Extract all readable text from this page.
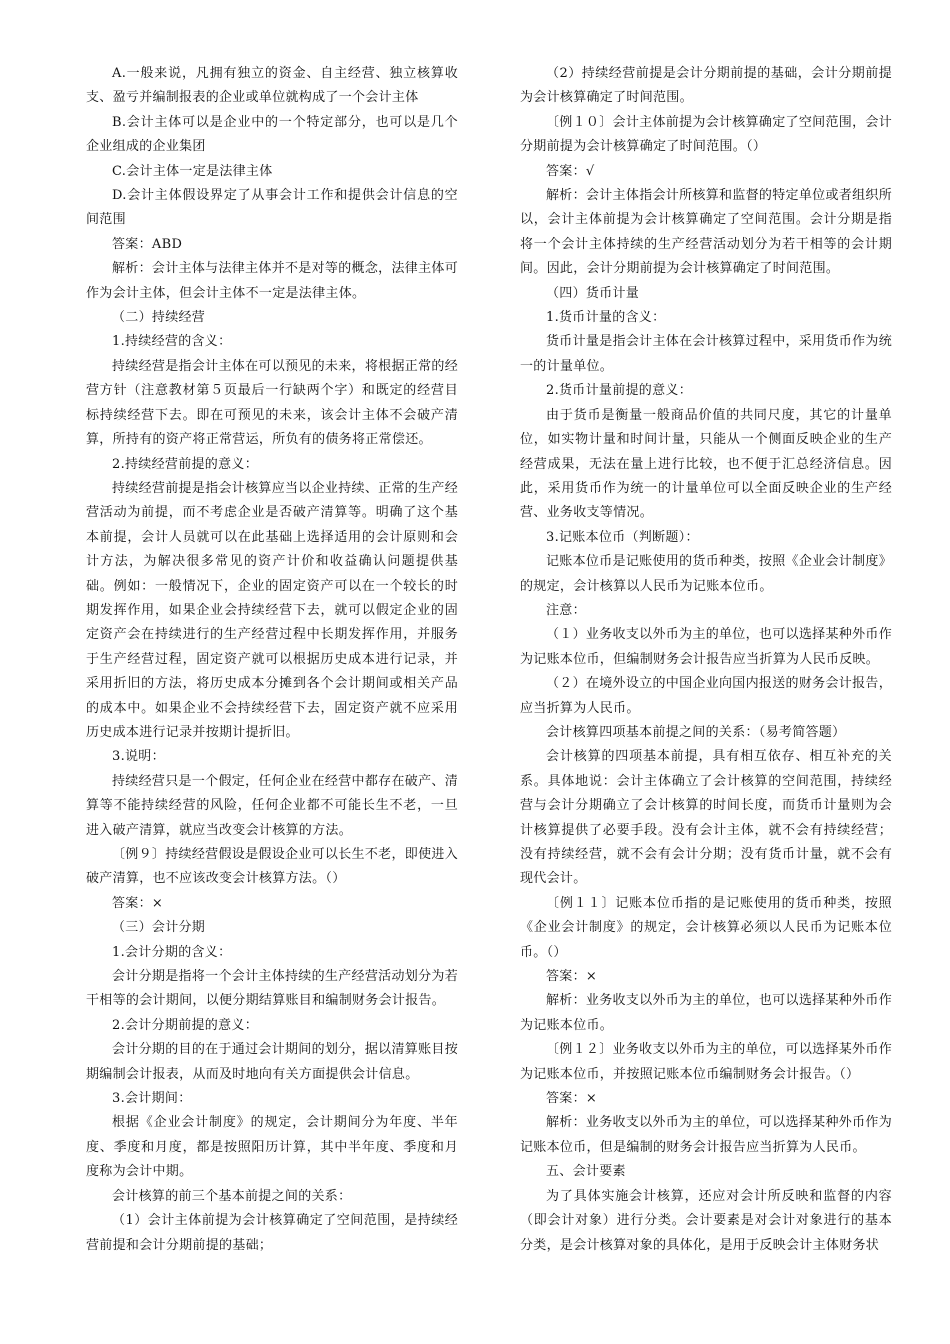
A.一般来说，凡拥有独立的资金、自主经营、独立核算收支、盈亏并编制报表的企业或单位就构成了一个会计主体

B.会计主体可以是企业中的一个特定部分，也可以是几个企业组成的企业集团

C.会计主体一定是法律主体

D.会计主体假设界定了从事会计工作和提供会计信息的空间范围

答案：ABD

解析：会计主体与法律主体并不是对等的概念，法律主体可作为会计主体，但会计主体不一定是法律主体。

（二）持续经营

1.持续经营的含义：

持续经营是指会计主体在可以预见的未来，将根据正常的经营方针（注意教材第５页最后一行缺两个字）和既定的经营目标持续经营下去。即在可预见的未来，该会计主体不会破产清算，所持有的资产将正常营运，所负有的债务将正常偿还。

2.持续经营前提的意义：

持续经营前提是指会计核算应当以企业持续、正常的生产经营活动为前提，而不考虑企业是否破产清算等。明确了这个基本前提，会计人员就可以在此基础上选择适用的会计原则和会计方法，为解决很多常见的资产计价和收益确认问题提供基础。例如：一般情况下，企业的固定资产可以在一个较长的时期发挥作用，如果企业会持续经营下去，就可以假定企业的固定资产会在持续进行的生产经营过程中长期发挥作用，并服务于生产经营过程，固定资产就可以根据历史成本进行记录，并采用折旧的方法，将历史成本分摊到各个会计期间或相关产品的成本中。如果企业不会持续经营下去，固定资产就不应采用历史成本进行记录并按期计提折旧。

3.说明：

持续经营只是一个假定，任何企业在经营中都存在破产、清算等不能持续经营的风险，任何企业都不可能长生不老，一旦进入破产清算，就应当改变会计核算的方法。

〔例９〕持续经营假设是假设企业可以长生不老，即使进入破产清算，也不应该改变会计核算方法。（）

答案：×

（三）会计分期

1.会计分期的含义：

会计分期是指将一个会计主体持续的生产经营活动划分为若干相等的会计期间，以便分期结算账目和编制财务会计报告。

2.会计分期前提的意义：

会计分期的目的在于通过会计期间的划分，据以清算账目按期编制会计报表，从而及时地向有关方面提供会计信息。

3.会计期间：

根据《企业会计制度》的规定，会计期间分为年度、半年度、季度和月度，都是按照阳历计算，其中半年度、季度和月度称为会计中期。

会计核算的前三个基本前提之间的关系：

（1）会计主体前提为会计核算确定了空间范围，是持续经营前提和会计分期前提的基础；

（2）持续经营前提是会计分期前提的基础，会计分期前提为会计核算确定了时间范围。

〔例１０〕会计主体前提为会计核算确定了空间范围，会计分期前提为会计核算确定了时间范围。（）

答案：√

解析：会计主体指会计所核算和监督的特定单位或者组织所以，会计主体前提为会计核算确定了空间范围。会计分期是指将一个会计主体持续的生产经营活动划分为若干相等的会计期间。因此，会计分期前提为会计核算确定了时间范围。

（四）货币计量

1.货币计量的含义：

货币计量是指会计主体在会计核算过程中，采用货币作为统一的计量单位。

2.货币计量前提的意义：

由于货币是衡量一般商品价值的共同尺度，其它的计量单位，如实物计量和时间计量，只能从一个侧面反映企业的生产经营成果，无法在量上进行比较，也不便于汇总经济信息。因此，采用货币作为统一的计量单位可以全面反映企业的生产经营、业务收支等情况。

3.记账本位币（判断题）：

记账本位币是记账使用的货币种类，按照《企业会计制度》的规定，会计核算以人民币为记账本位币。

注意：

（１）业务收支以外币为主的单位，也可以选择某种外币作为记账本位币，但编制财务会计报告应当折算为人民币反映。

（２）在境外设立的中国企业向国内报送的财务会计报告，应当折算为人民币。

会计核算四项基本前提之间的关系：（易考简答题）

会计核算的四项基本前提，具有相互依存、相互补充的关系。具体地说：会计主体确立了会计核算的空间范围，持续经营与会计分期确立了会计核算的时间长度，而货币计量则为会计核算提供了必要手段。没有会计主体，就不会有持续经营；没有持续经营，就不会有会计分期；没有货币计量，就不会有现代会计。

〔例１１〕记账本位币指的是记账使用的货币种类，按照《企业会计制度》的规定，会计核算必须以人民币为记账本位币。（）

答案：×

解析：业务收支以外币为主的单位，也可以选择某种外币作为记账本位币。

〔例１２〕业务收支以外币为主的单位，可以选择某外币作为记账本位币，并按照记账本位币编制财务会计报告。（）

答案：×

解析：业务收支以外币为主的单位，可以选择某种外币作为记账本位币，但是编制的财务会计报告应当折算为人民币。

五、会计要素

为了具体实施会计核算，还应对会计所反映和监督的内容（即会计对象）进行分类。会计要素是对会计对象进行的基本分类，是会计核算对象的具体化，是用于反映会计主体财务状
